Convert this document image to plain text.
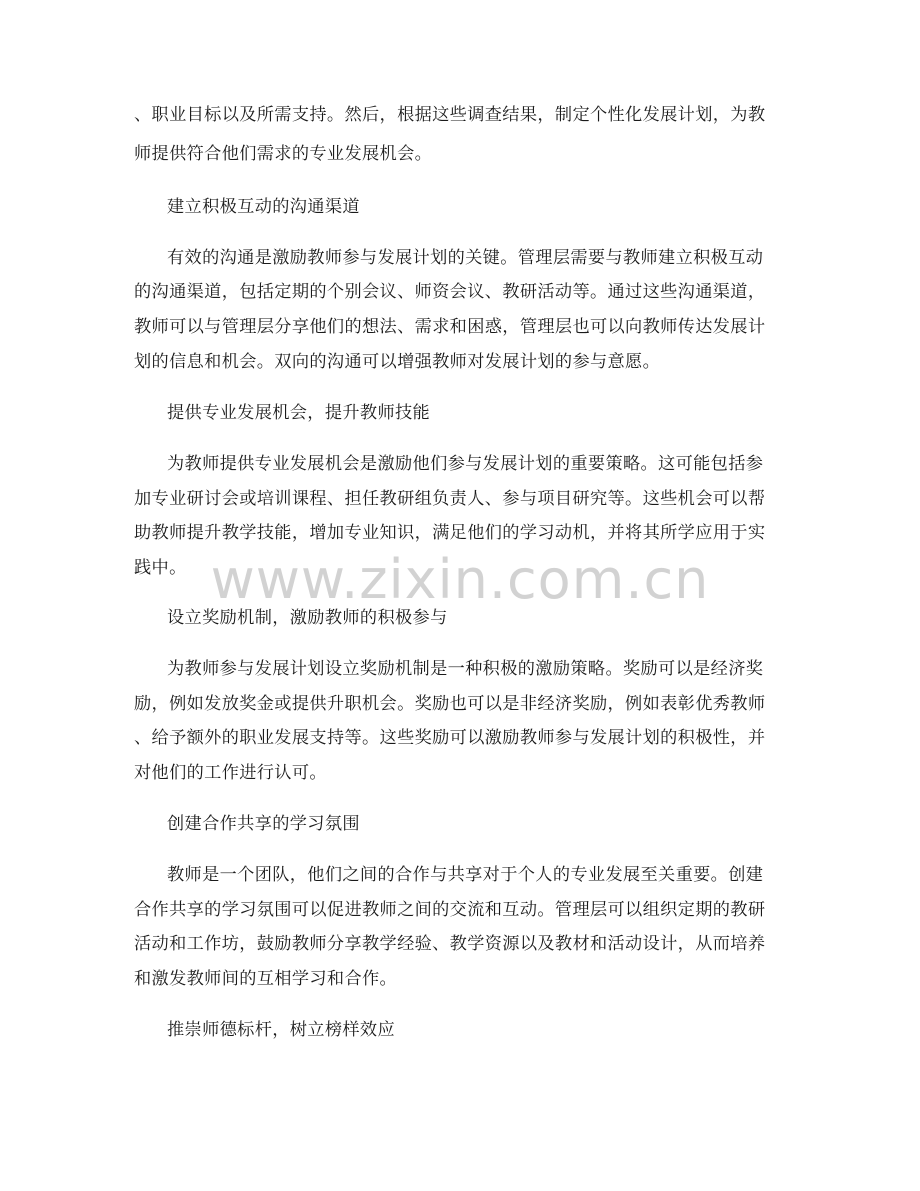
、职业目标以及所需支持。然后，根据这些调查结果，制定个性化发展计划，为教
师提供符合他们需求的专业发展机会。
建立积极互动的沟通渠道
有效的沟通是激励教师参与发展计划的关键。管理层需要与教师建立积极互动
的沟通渠道，包括定期的个别会议、师资会议、教研活动等。通过这些沟通渠道，
教师可以与管理层分享他们的想法、需求和困惑，管理层也可以向教师传达发展计
划的信息和机会。双向的沟通可以增强教师对发展计划的参与意愿。
提供专业发展机会，提升教师技能
为教师提供专业发展机会是激励他们参与发展计划的重要策略。这可能包括参
加专业研讨会或培训课程、担任教研组负责人、参与项目研究等。这些机会可以帮
助教师提升教学技能，增加专业知识，满足他们的学习动机，并将其所学应用于实
践中。
设立奖励机制，激励教师的积极参与
为教师参与发展计划设立奖励机制是一种积极的激励策略。奖励可以是经济奖
励，例如发放奖金或提供升职机会。奖励也可以是非经济奖励，例如表彰优秀教师
、给予额外的职业发展支持等。这些奖励可以激励教师参与发展计划的积极性，并
对他们的工作进行认可。
创建合作共享的学习氛围
教师是一个团队，他们之间的合作与共享对于个人的专业发展至关重要。创建
合作共享的学习氛围可以促进教师之间的交流和互动。管理层可以组织定期的教研
活动和工作坊，鼓励教师分享教学经验、教学资源以及教材和活动设计，从而培养
和激发教师间的互相学习和合作。
推崇师德标杆，树立榜样效应
www.zixin.com.cn
